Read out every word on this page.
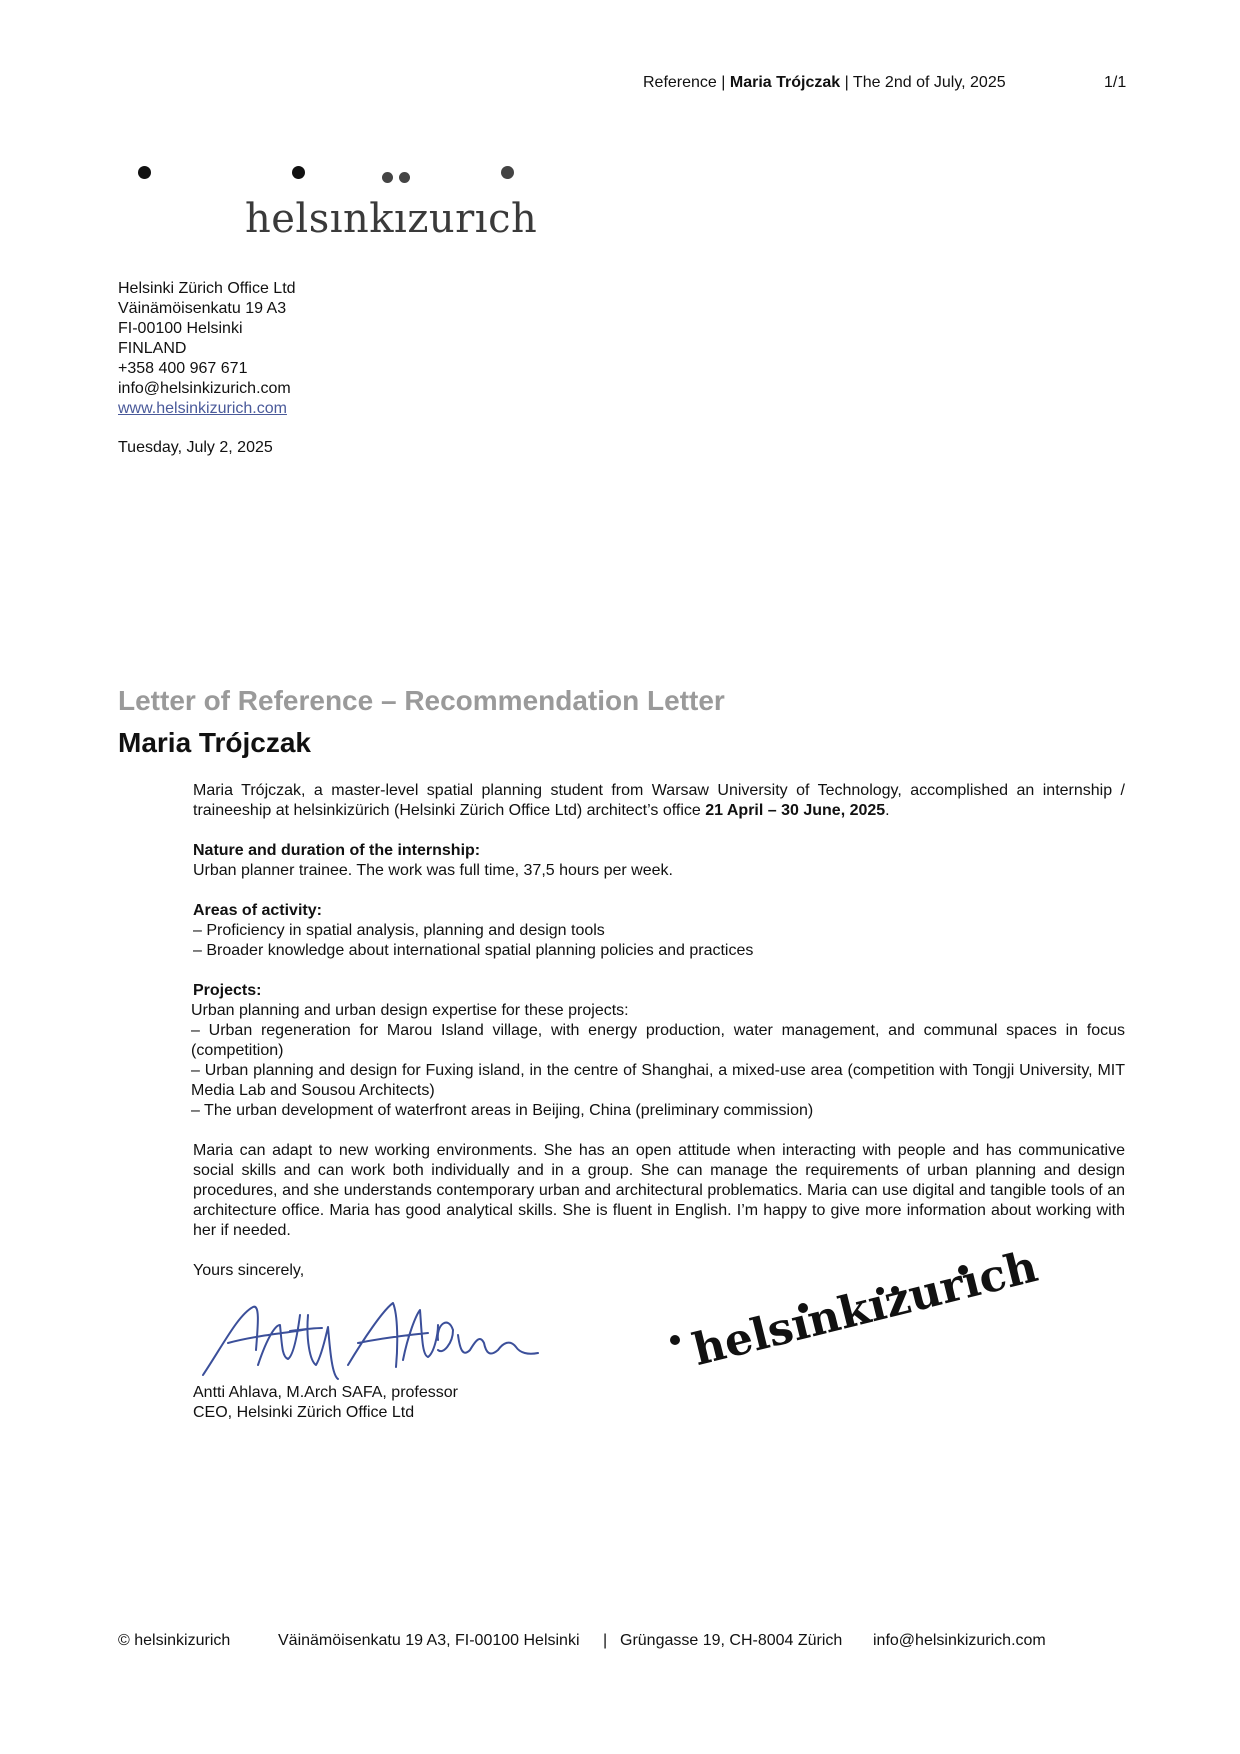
Reference | Maria Trójczak | The 2nd of July, 2025	1/1
helsınkızurıch
Helsinki Zürich Office Ltd
Väinämöisenkatu 19 A3
FI-00100 Helsinki
FINLAND
+358 400 967 671
info@helsinkizurich.com
www.helsinkizurich.com
Tuesday, July 2, 2025
Letter of Reference – Recommendation Letter
Maria Trójczak

Maria Trójczak, a master-level spatial planning student from Warsaw University of Technology, accomplished an internship / traineeship at helsinkizürich (Helsinki Zürich Office Ltd) architect’s office 21 April – 30 June, 2025.

Nature and duration of the internship:

Urban planner trainee. The work was full time, 37,5 hours per week.

Areas of activity:
– Proficiency in spatial analysis, planning and design tools

– Broader knowledge about international spatial planning policies and practices

Projects:
Urban planning and urban design expertise for these projects:
– Urban regeneration for Marou Island village, with energy production, water management, and communal spaces in focus (competition)
– Urban planning and design for Fuxing island, in the centre of Shanghai, a mixed-use area (competition with Tongji University, MIT Media Lab and Sousou Architects)

– The urban development of waterfront areas in Beijing, China (preliminary commission)

Maria can adapt to new working environments. She has an open attitude when interacting with people and has communicative social skills and can work both individually and in a group. She can manage the requirements of urban planning and design procedures, and she understands contemporary urban and architectural problematics. Maria can use digital and tangible tools of an architecture office. Maria has good analytical skills. She is fluent in English. I’m happy to give more information about working with her if needed.

Yours sincerely,
Antti Ahlava, M.Arch SAFA, professor
CEO, Helsinki Zürich Office Ltd
helsınkızurıch
© helsinkizurich	Väinämöisenkatu 19 A3, FI-00100 Helsinki | Grüngasse 19, CH-8004 Zürich info@helsinkizurich.com
